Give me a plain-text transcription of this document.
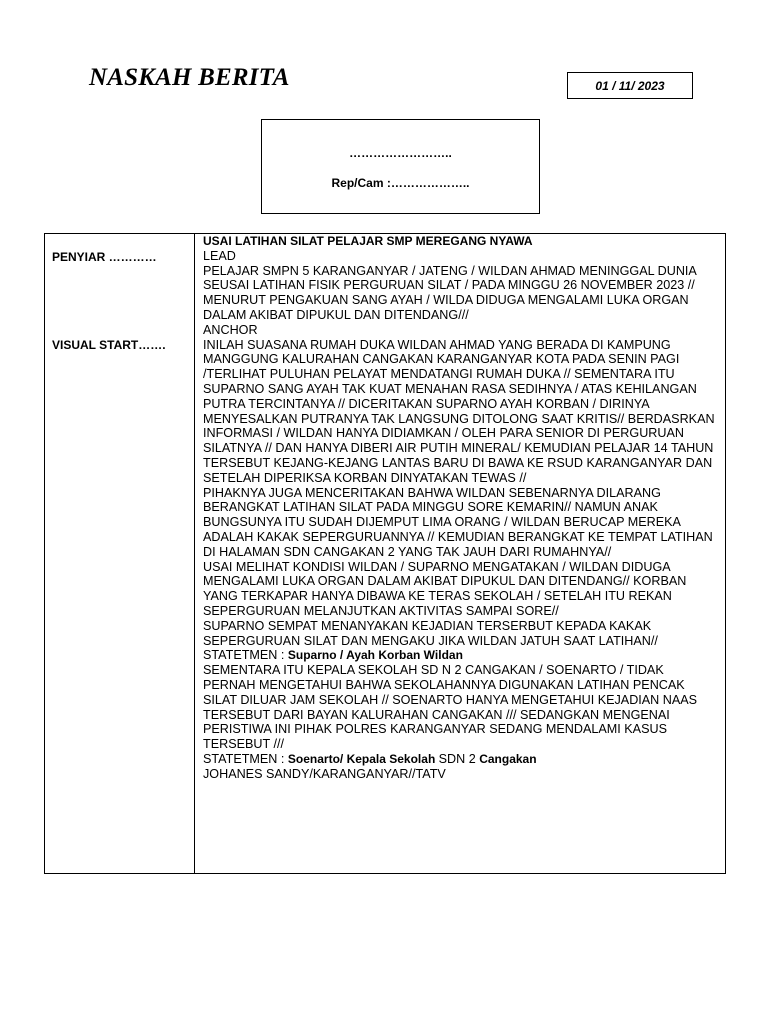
NASKAH BERITA	01 / 11/ 2023
……………………..
Rep/Cam :………………..
PENYIAR …………
VISUAL START…….
USAI LATIHAN SILAT PELAJAR SMP MEREGANG NYAWA
LEAD
PELAJAR SMPN 5 KARANGANYAR / JATENG / WILDAN AHMAD MENINGGAL DUNIA
SEUSAI LATIHAN FISIK PERGURUAN SILAT / PADA MINGGU 26 NOVEMBER 2023 //
MENURUT PENGAKUAN SANG AYAH / WILDA DIDUGA MENGALAMI LUKA ORGAN
DALAM AKIBAT DIPUKUL DAN DITENDANG///
ANCHOR
INILAH SUASANA RUMAH DUKA WILDAN AHMAD YANG BERADA DI KAMPUNG
MANGGUNG KALURAHAN CANGAKAN KARANGANYAR KOTA PADA SENIN PAGI
/TERLIHAT PULUHAN PELAYAT MENDATANGI RUMAH DUKA // SEMENTARA ITU
SUPARNO SANG AYAH TAK KUAT MENAHAN RASA SEDIHNYA / ATAS KEHILANGAN
PUTRA TERCINTANYA // DICERITAKAN SUPARNO AYAH KORBAN / DIRINYA
MENYESALKAN PUTRANYA TAK LANGSUNG DITOLONG SAAT KRITIS// BERDASRKAN
INFORMASI / WILDAN HANYA DIDIAMKAN / OLEH PARA SENIOR DI PERGURUAN
SILATNYA // DAN HANYA DIBERI AIR PUTIH MINERAL/ KEMUDIAN PELAJAR 14 TAHUN
TERSEBUT KEJANG-KEJANG LANTAS BARU DI BAWA KE RSUD KARANGANYAR DAN
SETELAH DIPERIKSA KORBAN DINYATAKAN TEWAS //
PIHAKNYA JUGA MENCERITAKAN BAHWA WILDAN SEBENARNYA DILARANG
BERANGKAT LATIHAN SILAT PADA MINGGU SORE KEMARIN// NAMUN ANAK
BUNGSUNYA ITU SUDAH DIJEMPUT LIMA ORANG / WILDAN BERUCAP MEREKA
ADALAH KAKAK SEPERGURUANNYA // KEMUDIAN BERANGKAT KE TEMPAT LATIHAN
DI HALAMAN SDN CANGAKAN 2 YANG TAK JAUH DARI RUMAHNYA//
USAI MELIHAT KONDISI WILDAN / SUPARNO MENGATAKAN / WILDAN DIDUGA
MENGALAMI LUKA ORGAN DALAM AKIBAT DIPUKUL DAN DITENDANG// KORBAN
YANG TERKAPAR HANYA DIBAWA KE TERAS SEKOLAH / SETELAH ITU REKAN
SEPERGURUAN MELANJUTKAN AKTIVITAS SAMPAI SORE//
SUPARNO SEMPAT MENANYAKAN KEJADIAN TERSERBUT KEPADA KAKAK
SEPERGURUAN SILAT DAN MENGAKU JIKA WILDAN JATUH SAAT LATIHAN//
STATETMEN : Suparno / Ayah Korban Wildan
SEMENTARA ITU KEPALA SEKOLAH SD N 2 CANGAKAN / SOENARTO / TIDAK
PERNAH MENGETAHUI BAHWA SEKOLAHANNYA DIGUNAKAN LATIHAN PENCAK
SILAT DILUAR JAM SEKOLAH // SOENARTO HANYA MENGETAHUI KEJADIAN NAAS
TERSEBUT DARI BAYAN KALURAHAN CANGAKAN /// SEDANGKAN MENGENAI
PERISTIWA INI PIHAK POLRES KARANGANYAR SEDANG MENDALAMI KASUS
TERSEBUT ///
STATETMEN : Soenarto/ Kepala Sekolah SDN 2 Cangakan
JOHANES SANDY/KARANGANYAR//TATV
